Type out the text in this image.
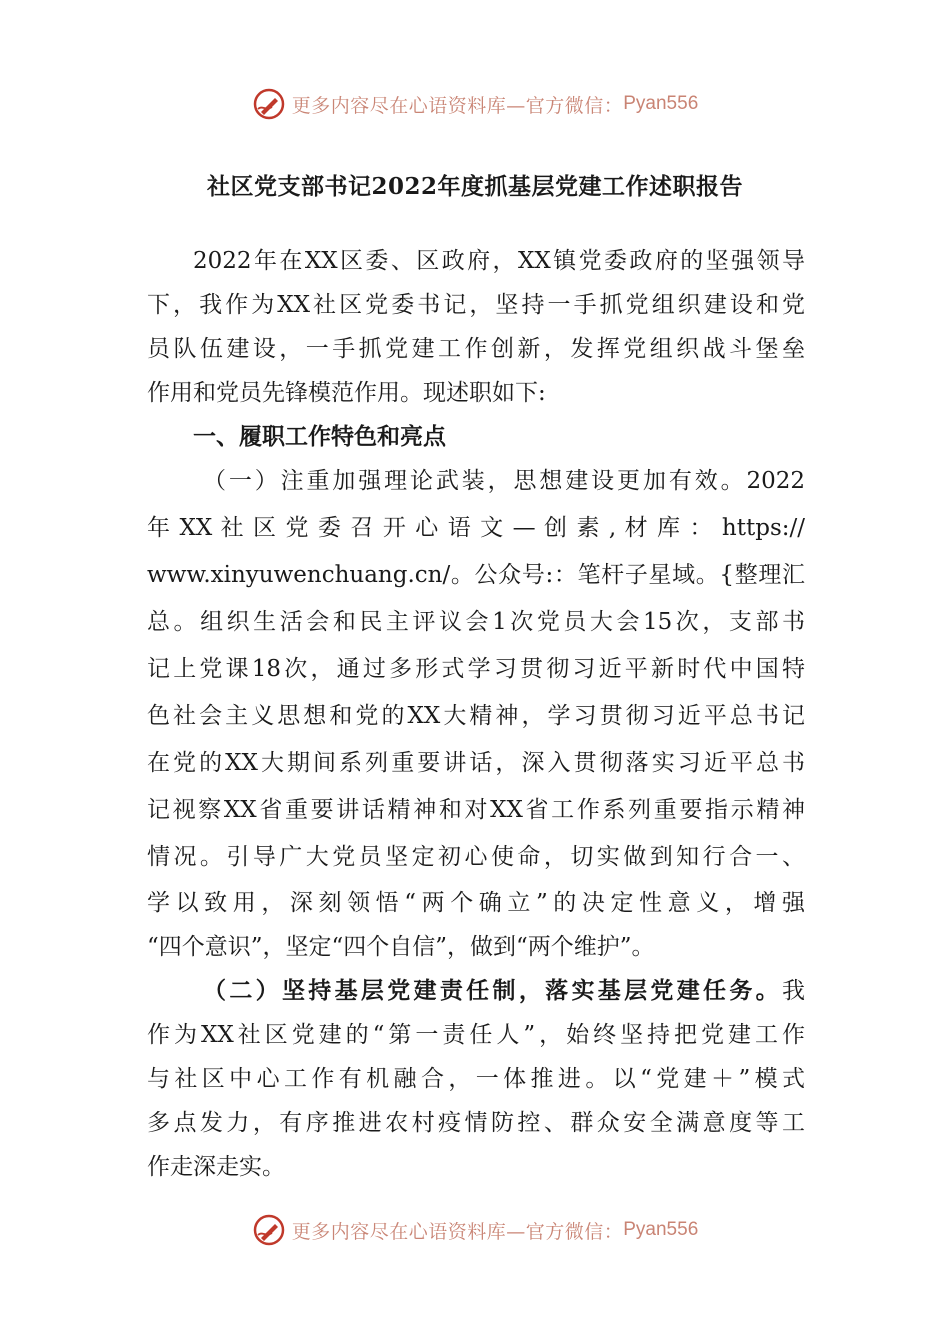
更多内容尽在心语资料库—官方微信： Pyan556
社区党支部书记2022年度抓基层党建工作述职报告
2022年在XX区委、区政府，XX镇党委政府的坚强领导
下，我作为XX社区党委书记，坚持一手抓党组织建设和党
员队伍建设，一手抓党建工作创新，发挥党组织战斗堡垒
作用和党员先锋模范作用。现述职如下:
一、履职工作特色和亮点
（一）注重加强理论武装，思想建设更加有效。2022
年 XX 社 区 党 委 召 开 心 语 文 — 创 素 , 材 库 ： https://
www.xinyuwenchuang.cn/。公众号:：笔杆子星域。{整理汇
总。组织生活会和民主评议会1次党员大会15次，支部书
记上党课18次，通过多形式学习贯彻习近平新时代中国特
色社会主义思想和党的XX大精神，学习贯彻习近平总书记
在党的XX大期间系列重要讲话，深入贯彻落实习近平总书
记视察XX省重要讲话精神和对XX省工作系列重要指示精神
情况。引导广大党员坚定初心使命，切实做到知行合一、
学以致用，深刻领悟“两个确立”的决定性意义，增强
“四个意识”，坚定“四个自信”，做到“两个维护”。
（二）坚持基层党建责任制，落实基层党建任务。我
作为XX社区党建的“第一责任人”，始终坚持把党建工作
与社区中心工作有机融合，一体推进。以“党建＋”模式
多点发力，有序推进农村疫情防控、群众安全满意度等工
作走深走实。
更多内容尽在心语资料库—官方微信： Pyan556
